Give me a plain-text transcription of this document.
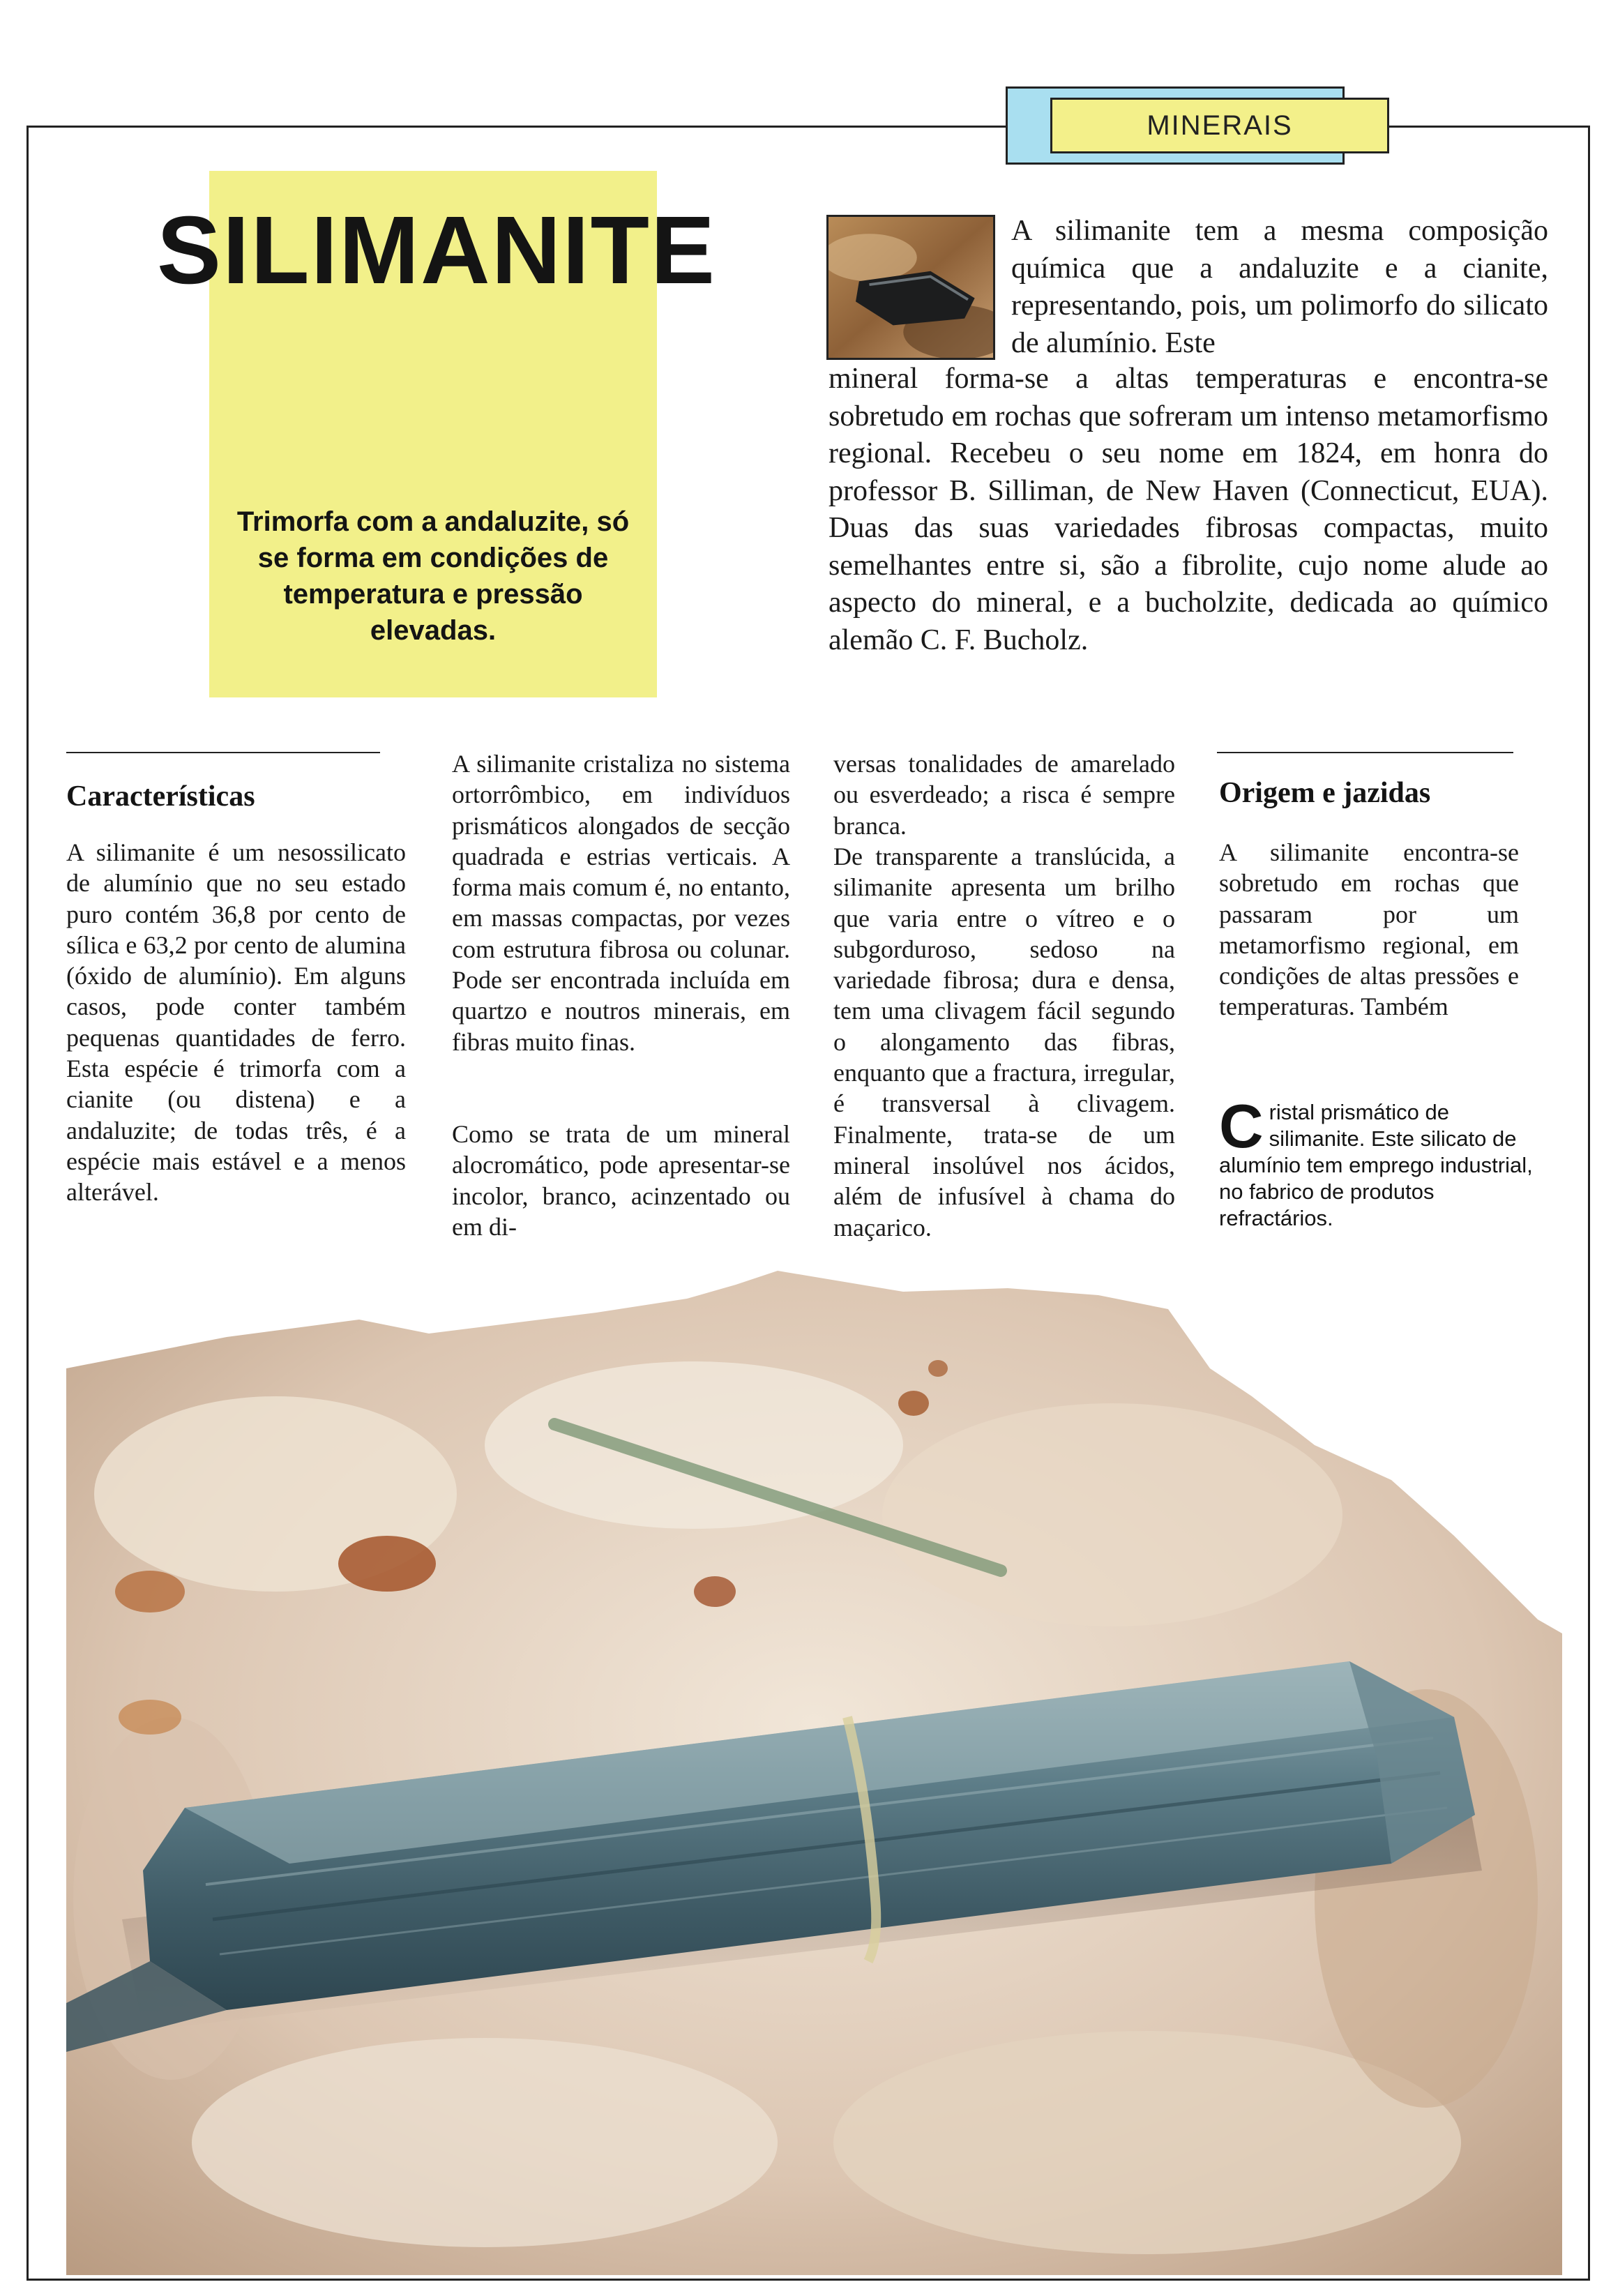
MINERAIS
SILIMANITE

Trimorfa com a andaluzite, só se forma em condições de temperatura e pressão elevadas.

A silimanite tem a mesma composição química que a andaluzite e a cianite, representando, pois, um polimorfo do silicato de alumínio. Este

mineral forma-se a altas temperaturas e encontra-se sobretudo em rochas que sofreram um intenso metamorfismo regional. Recebeu o seu nome em 1824, em honra do professor B. Silliman, de New Haven (Connecticut, EUA). Duas das suas variedades fibrosas compactas, muito semelhantes entre si, são a fibrolite, cujo nome alude ao aspecto do mineral, e a bucholzite, dedicada ao químico alemão C. F. Bucholz.

Características

A silimanite é um nesossilicato de alumínio que no seu estado puro contém 36,8 por cento de sílica e 63,2 por cento de alumina (óxido de alumínio). Em alguns casos, pode conter também pequenas quantidades de ferro. Esta espécie é trimorfa com a cianite (ou distena) e a andaluzite; de todas três, é a espécie mais estável e a menos alterável.

A silimanite cristaliza no sistema ortorrômbico, em indivíduos prismáticos alongados de secção quadrada e estrias verticais. A forma mais comum é, no entanto, em massas compactas, por vezes com estrutura fibrosa ou colunar. Pode ser encontrada incluída em quartzo e noutros minerais, em fibras muito finas.

Como se trata de um mineral alocromático, pode apresentar-se incolor, branco, acinzentado ou em di-

versas tonalidades de amarelado ou esverdeado; a risca é sempre branca.

De transparente a translúcida, a silimanite apresenta um brilho que varia entre o vítreo e o subgorduroso, sedoso na variedade fibrosa; dura e densa, tem uma clivagem fácil segundo o alongamento das fibras, enquanto que a fractura, irregular, é transversal à clivagem. Finalmente, trata-se de um mineral insolúvel nos ácidos, além de infusível à chama do maçarico.

Origem e jazidas

A silimanite encontra-se sobretudo em rochas que passaram por um metamorfismo regional, em condições de altas pressões e temperaturas. Também

Cristal prismático de silimanite. Este silicato de alumínio tem emprego industrial, no fabrico de produtos refractários.
